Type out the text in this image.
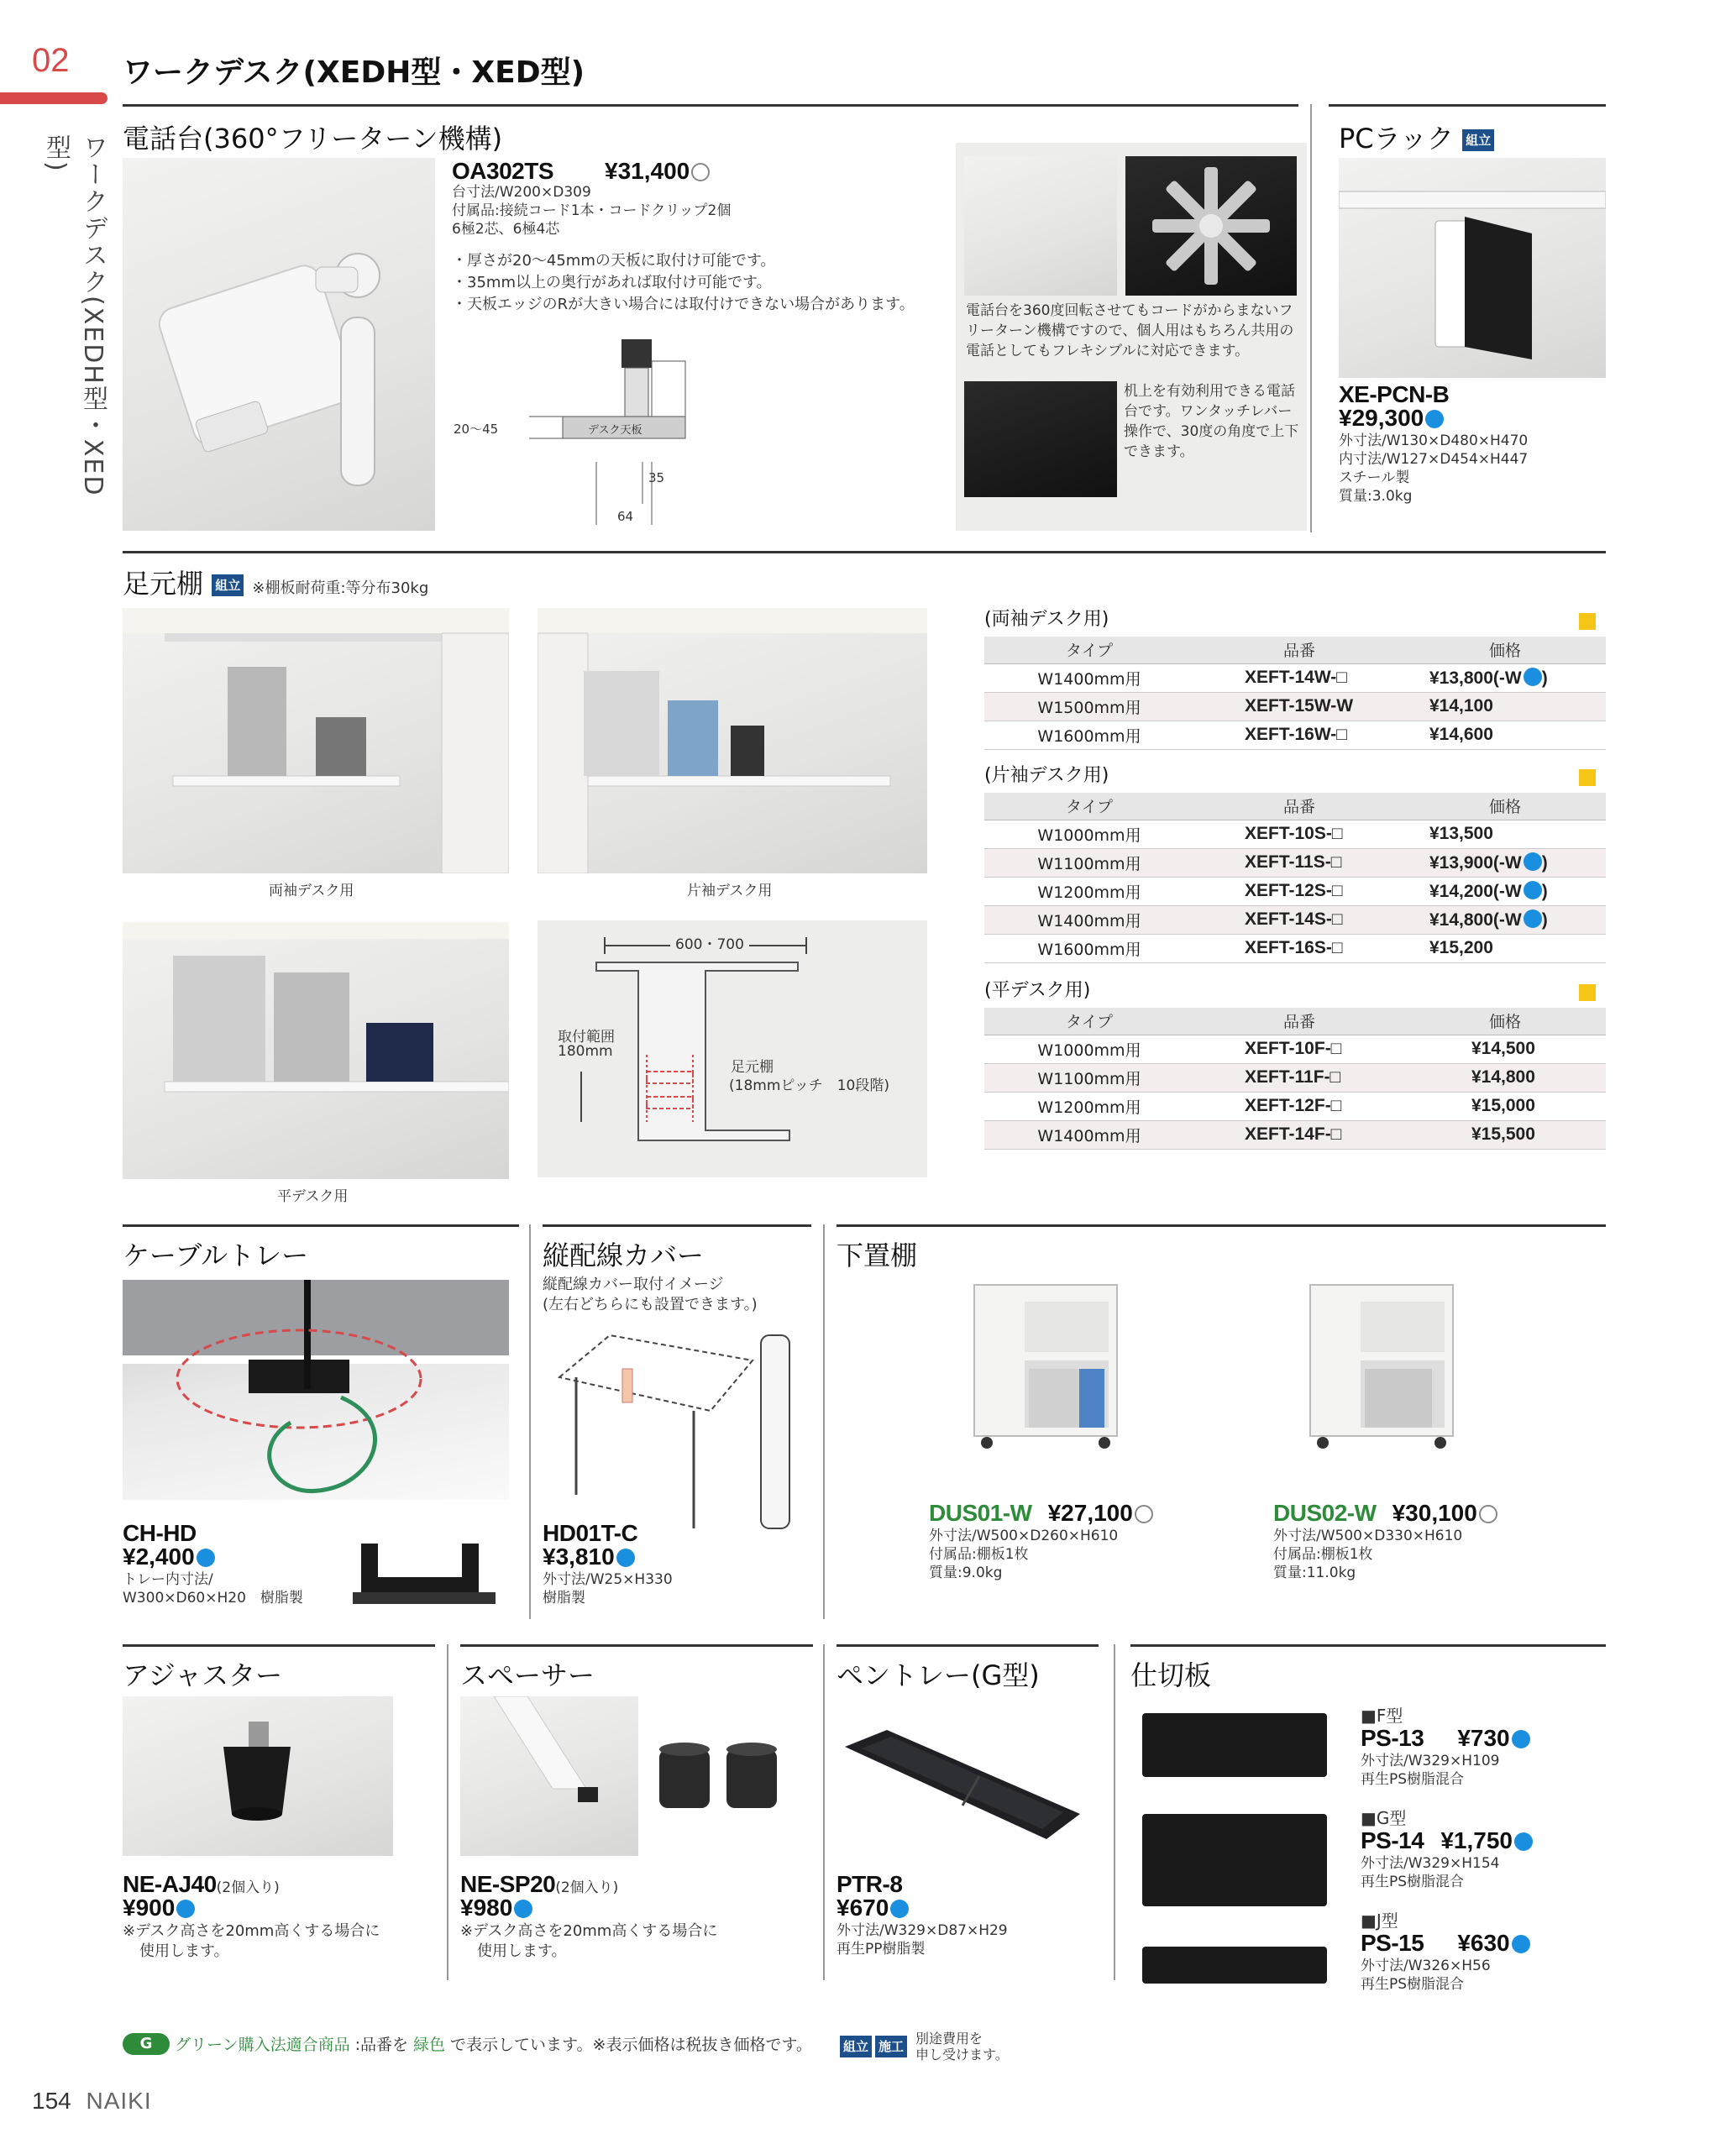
02 ワークデスク(XEDH型・XED型)
ワークデスク(XEDH型・XED型)	電話台(360°フリーターン機構)
OA302TS ¥31,400
台寸法/W200×D309
付属品:接続コード1本・コードクリップ2個
6極2芯、6極4芯
・厚さが20～45mmの天板に取付け可能です。
・35mm以上の奥行があれば取付け可能です。
・天板エッジのRが大きい場合には取付けできない場合があります。
20～45	デスク天板
35
64
電話台を360度回転させてもコードがからまないフリーターン機構ですので、個人用はもちろん共用の電話としてもフレキシブルに対応できます。
机上を有効利用できる電話台です。ワンタッチレバー操作で、30度の角度で上下できます。
PCラック 組立
XE-PCN-B
¥29,300
外寸法/W130×D480×H470
内寸法/W127×D454×H447
スチール製
質量:3.0kg
足元棚 組立 ※棚板耐荷重:等分布30kg
両袖デスク用	片袖デスク用
平デスク用
600・700
取付範囲
180mm
足元棚
(18mmピッチ　10段階)
(両袖デスク用)
タイプ	品番	価格
W1400mm用	XEFT-14W-□	¥13,800(-W )
W1500mm用	XEFT-15W-W	¥14,100
W1600mm用	XEFT-16W-□	¥14,600
(片袖デスク用)
タイプ	品番	価格
W1000mm用	XEFT-10S-□	¥13,500
W1100mm用	XEFT-11S-□	¥13,900(-W )
W1200mm用	XEFT-12S-□	¥14,200(-W )
W1400mm用	XEFT-14S-□	¥14,800(-W )
W1600mm用	XEFT-16S-□	¥15,200
(平デスク用)
タイプ	品番	価格
W1000mm用	XEFT-10F-□	¥14,500
W1100mm用	XEFT-11F-□	¥14,800
W1200mm用	XEFT-12F-□	¥15,000
W1400mm用	XEFT-14F-□	¥15,500
ケーブルトレー
CH-HD
¥2,400
トレー内寸法/
W300×D60×H20　樹脂製
縦配線カバー
縦配線カバー取付イメージ
(左右どちらにも設置できます。)
HD01T-C
¥3,810
外寸法/W25×H330
樹脂製
下置棚
DUS01-W ¥27,100
外寸法/W500×D260×H610
付属品:棚板1枚
質量:9.0kg
DUS02-W ¥30,100
外寸法/W500×D330×H610
付属品:棚板1枚
質量:11.0kg
アジャスター
NE-AJ40(2個入り)
¥900
※デスク高さを20mm高くする場合に
使用します。
スペーサー
NE-SP20(2個入り)
¥980
※デスク高さを20mm高くする場合に
使用します。
ペントレー(G型)
PTR-8
¥670
外寸法/W329×D87×H29
再生PP樹脂製
仕切板
■F型
PS-13 ¥730
外寸法/W329×H109
再生PS樹脂混合
■G型
PS-14 ¥1,750
外寸法/W329×H154
再生PS樹脂混合
■J型
PS-15 ¥630
外寸法/W326×H56
再生PS樹脂混合
G	グリーン購入法適合商品 :品番を 緑色 で表示しています。※表示価格は税抜き価格です。 組立 施工 別途費用を
申し受けます。
154 NAIKI
